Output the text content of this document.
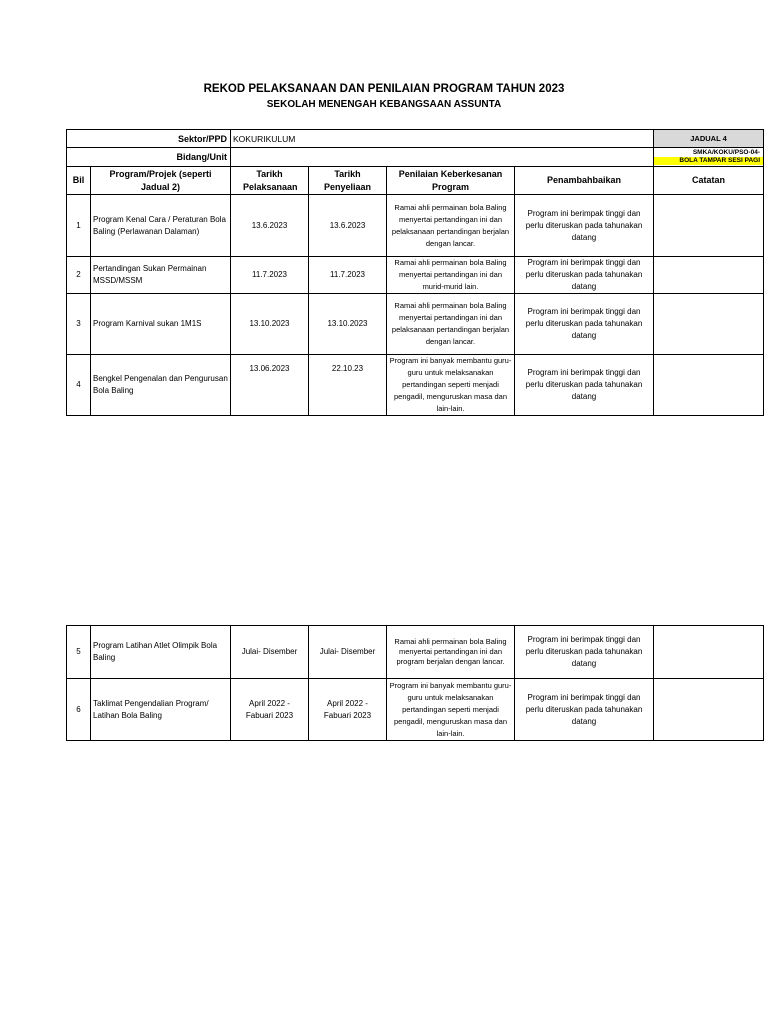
REKOD PELAKSANAAN DAN PENILAIAN PROGRAM TAHUN 2023
SEKOLAH MENENGAH KEBANGSAAN ASSUNTA
Sektor/PPD		KOKURIKULUM				JADUAL 4
Bidang/Unit						SMKA/KOKU/PSO-04-
BOLA TAMPAR SESI PAGI

Bil	Program/Projek (seperti Jadual 2)	Tarikh Pelaksanaan	Tarikh Penyeliaan	Penilaian Keberkesanan Program	Penambahbaikan	Catatan
1	Program Kenal Cara / Peraturan Bola Baling (Perlawanan Dalaman)	13.6.2023	13.6.2023	Ramai ahli permainan bola Baling menyertai pertandingan ini dan pelaksanaan pertandingan berjalan dengan lancar.	Program ini berimpak tinggi dan perlu diteruskan pada tahunakan datang	
2	Pertandingan Sukan Permainan MSSD/MSSM	11.7.2023	11.7.2023	Ramai ahli permainan bola Baling menyertai pertandingan ini dan murid-murid lain.	Program ini berimpak tinggi dan perlu diteruskan pada tahunakan datang	
3	Program Karnival sukan 1M1S	13.10.2023	13.10.2023	Ramai ahli permainan bola Baling menyertai pertandingan ini dan pelaksanaan pertandingan berjalan dengan lancar.	Program ini berimpak tinggi dan perlu diteruskan pada tahunakan datang	
4	Bengkel Pengenalan dan Pengurusan Bola Baling	13.06.2023	22.10.23	Program ini banyak membantu guru-guru untuk melaksanakan pertandingan seperti menjadi pengadil, menguruskan masa dan lain-lain.	Program ini berimpak tinggi dan perlu diteruskan pada tahunakan datang	
5	Program Latihan Atlet Olimpik Bola Baling	Julai- Disember	Julai- Disember	Ramai ahli permainan bola Baling menyertai pertandingan ini dan program berjalan dengan lancar.	Program ini berimpak tinggi dan perlu diteruskan pada tahunakan datang	
6	Taklimat Pengendalian Program/ Latihan Bola Baling	April 2022 - Fabuari 2023	April 2022 - Fabuari 2023	Program ini banyak membantu guru-guru untuk melaksanakan pertandingan seperti menjadi pengadil, menguruskan masa dan lain-lain.	Program ini berimpak tinggi dan perlu diteruskan pada tahunakan datang	
